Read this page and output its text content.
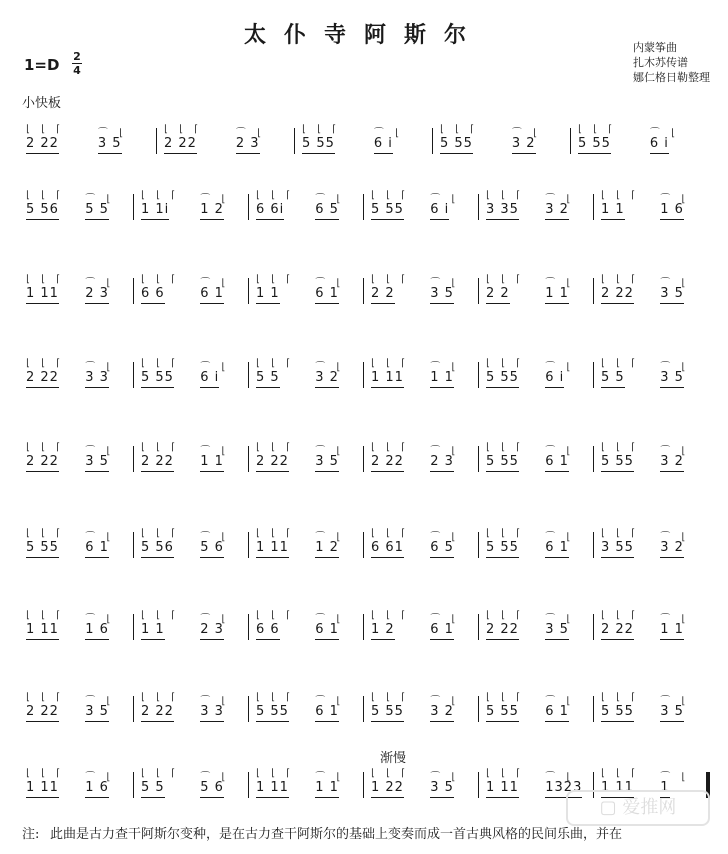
太仆寺阿斯尔
1=D 2
4
内蒙筝曲
扎木苏传谱
娜仁格日勒整理
小快板
渐慢
2 22
⌊ ⌊ ⌈
3 5
⌒ ⌊
2 22
⌊ ⌊ ⌈
2 3
⌒ ⌊
5 55
⌊ ⌊ ⌈
6 i
⌒ ⌊
5 55
⌊ ⌊ ⌈
3 2
⌒ ⌊
5 55
⌊ ⌊ ⌈
6 i
⌒ ⌊
5 56
⌊ ⌊ ⌈
5 5
⌒ ⌊
1 1i
⌊ ⌊ ⌈
1 2
⌒ ⌊
6 6i
⌊ ⌊ ⌈
6 5
⌒ ⌊
5 55
⌊ ⌊ ⌈
6 i
⌒ ⌊
3 35
⌊ ⌊ ⌈
3 2
⌒ ⌊
1 1
⌊ ⌊ ⌈
1 6
⌒ ⌊
1 11
⌊ ⌊ ⌈
2 3
⌒ ⌊
6 6
⌊ ⌊ ⌈
6 1
⌒ ⌊
1 1
⌊ ⌊ ⌈
6 1
⌒ ⌊
2 2
⌊ ⌊ ⌈
3 5
⌒ ⌊
2 2
⌊ ⌊ ⌈
1 1
⌒ ⌊
2 22
⌊ ⌊ ⌈
3 5
⌒ ⌊
2 22
⌊ ⌊ ⌈
3 3
⌒ ⌊
5 55
⌊ ⌊ ⌈
6 i
⌒ ⌊
5 5
⌊ ⌊ ⌈
3 2
⌒ ⌊
1 11
⌊ ⌊ ⌈
1 1
⌒ ⌊
5 55
⌊ ⌊ ⌈
6 i
⌒ ⌊
5 5
⌊ ⌊ ⌈
3 5
⌒ ⌊
2 22
⌊ ⌊ ⌈
3 5
⌒ ⌊
2 22
⌊ ⌊ ⌈
1 1
⌒ ⌊
2 22
⌊ ⌊ ⌈
3 5
⌒ ⌊
2 22
⌊ ⌊ ⌈
2 3
⌒ ⌊
5 55
⌊ ⌊ ⌈
6 1
⌒ ⌊
5 55
⌊ ⌊ ⌈
3 2
⌒ ⌊
5 55
⌊ ⌊ ⌈
6 1
⌒ ⌊
5 56
⌊ ⌊ ⌈
5 6
⌒ ⌊
1 11
⌊ ⌊ ⌈
1 2
⌒ ⌊
6 61
⌊ ⌊ ⌈
6 5
⌒ ⌊
5 55
⌊ ⌊ ⌈
6 1
⌒ ⌊
3 55
⌊ ⌊ ⌈
3 2
⌒ ⌊
1 11
⌊ ⌊ ⌈
1 6
⌒ ⌊
1 1
⌊ ⌊ ⌈
2 3
⌒ ⌊
6 6
⌊ ⌊ ⌈
6 1
⌒ ⌊
1 2
⌊ ⌊ ⌈
6 1
⌒ ⌊
2 22
⌊ ⌊ ⌈
3 5
⌒ ⌊
2 22
⌊ ⌊ ⌈
1 1
⌒ ⌊
2 22
⌊ ⌊ ⌈
3 5
⌒ ⌊
2 22
⌊ ⌊ ⌈
3 3
⌒ ⌊
5 55
⌊ ⌊ ⌈
6 1
⌒ ⌊
5 55
⌊ ⌊ ⌈
3 2
⌒ ⌊
5 55
⌊ ⌊ ⌈
6 1
⌒ ⌊
5 55
⌊ ⌊ ⌈
3 5
⌒ ⌊
1 11
⌊ ⌊ ⌈
1 6
⌒ ⌊
5 5
⌊ ⌊ ⌈
5 6
⌒ ⌊
1 11
⌊ ⌊ ⌈
1 1
⌒ ⌊
1 22
⌊ ⌊ ⌈
3 5
⌒ ⌊
1 11
⌊ ⌊ ⌈
1323
⌒ ⌊
1 11
⌊ ⌊ ⌈
1
⌒ ⌊
▢ 爱推网
注: 此曲是古力查干阿斯尔变种，是在古力查干阿斯尔的基础上变奏而成一首古典风格的民间乐曲，并在
